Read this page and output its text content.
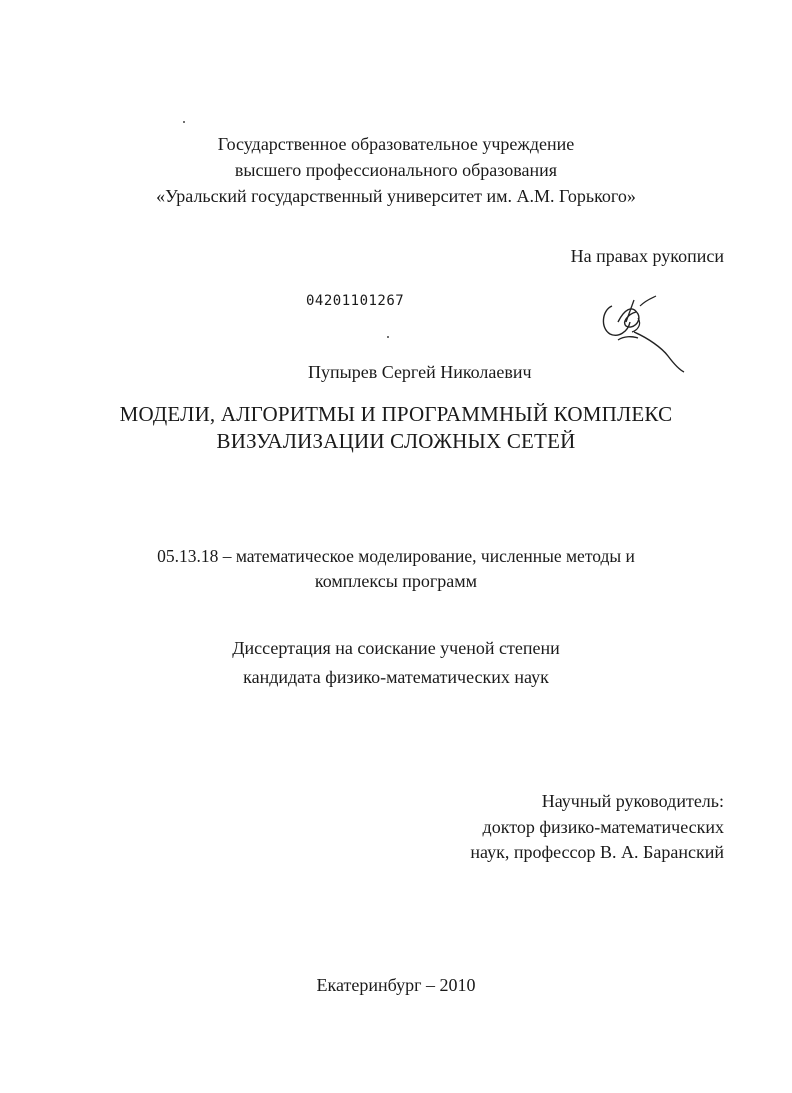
Государственное образовательное учреждение
высшего профессионального образования
«Уральский государственный университет им. А.М. Горького»
На правах рукописи
04201101267
Пупырев Сергей Николаевич
МОДЕЛИ, АЛГОРИТМЫ И ПРОГРАММНЫЙ КОМПЛЕКС
ВИЗУАЛИЗАЦИИ СЛОЖНЫХ СЕТЕЙ
05.13.18 – математическое моделирование, численные методы и
комплексы программ
Диссертация на соискание ученой степени
кандидата физико-математических наук
Научный руководитель:
доктор физико-математических
наук, профессор В. А. Баранский
Екатеринбург – 2010
